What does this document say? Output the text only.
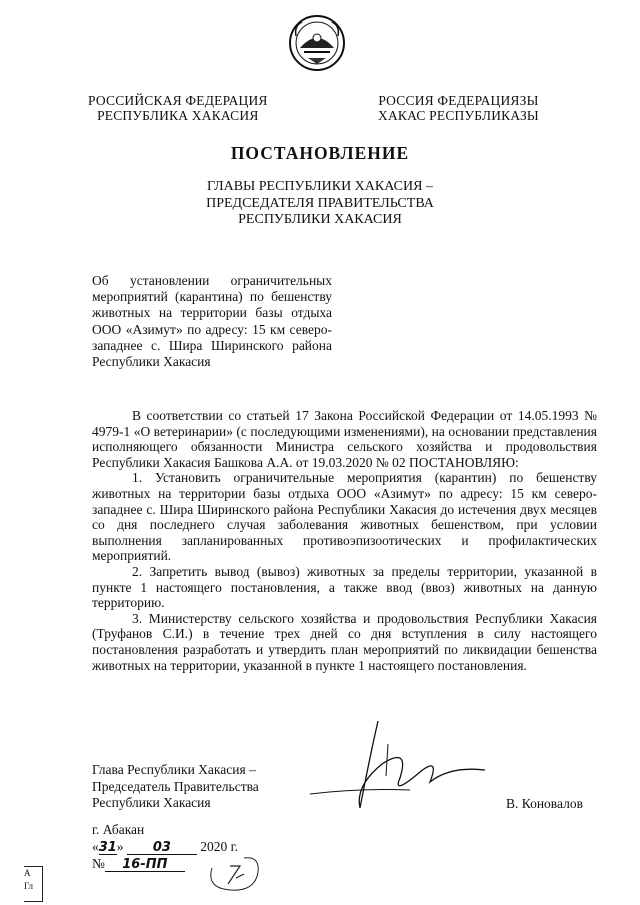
РОССИЙСКАЯ ФЕДЕРАЦИЯ
РЕСПУБЛИКА ХАКАСИЯ
РОССИЯ ФЕДЕРАЦИЯЗЫ
ХАКАС РЕСПУБЛИКАЗЫ
ПОСТАНОВЛЕНИЕ
ГЛАВЫ РЕСПУБЛИКИ ХАКАСИЯ –
ПРЕДСЕДАТЕЛЯ ПРАВИТЕЛЬСТВА
РЕСПУБЛИКИ ХАКАСИЯ
Об установлении ограничительных мероприятий (карантина) по бешенству животных на территории базы отдыха ООО «Азимут» по адресу: 15 км северо-западнее с. Шира Ширинского района Республики Хакасия

В соответствии со статьей 17 Закона Российской Федерации от 14.05.1993 № 4979-1 «О ветеринарии» (с последующими изменениями), на основании представления исполняющего обязанности Министра сельского хозяйства и продовольствия Республики Хакасия Башкова А.А. от 19.03.2020 № 02 ПОСТАНОВЛЯЮ:

1. Установить ограничительные мероприятия (карантин) по бешенству животных на территории базы отдыха ООО «Азимут» по адресу: 15 км северо-западнее с. Шира Ширинского района Республики Хакасия до истечения двух месяцев со дня последнего случая заболевания животных бешенством, при условии выполнения запланированных противоэпизоотических и профилактических мероприятий.

2. Запретить вывод (вывоз) животных за пределы территории, указанной в пункте 1 настоящего постановления, а также ввод (ввоз) животных на данную территорию.

3. Министерству сельского хозяйства и продовольствия Республики Хакасия (Труфанов С.И.) в течение трех дней со дня вступления в силу настоящего постановления разработать и утвердить план мероприятий по ликвидации бешенства животных на территории, указанной в пункте 1 настоящего постановления.

Глава Республики Хакасия –
Председатель Правительства
Республики Хакасия	В. Коновалов
г. Абакан
«31» 03 2020 г.
№ 16-ПП
А
Гл
